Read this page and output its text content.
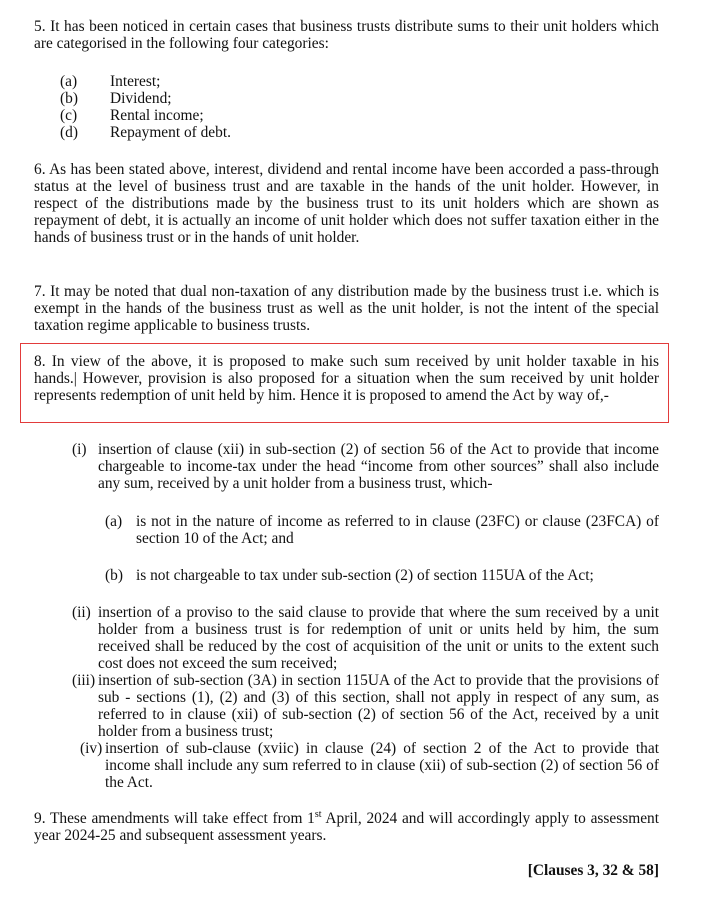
5. It has been noticed in certain cases that business trusts distribute sums to their unit holders which are categorised in the following four categories:

(a)	Interest;
(b)	Dividend;
(c)	Rental income;
(d)	Repayment of debt.

6. As has been stated above, interest, dividend and rental income have been accorded a pass-through status at the level of business trust and are taxable in the hands of the unit holder. However, in respect of the distributions made by the business trust to its unit holders which are shown as repayment of debt, it is actually an income of unit holder which does not suffer taxation either in the hands of business trust or in the hands of unit holder.

7. It may be noted that dual non-taxation of any distribution made by the business trust i.e. which is exempt in the hands of the business trust as well as the unit holder, is not the intent of the special taxation regime applicable to business trusts.

8. In view of the above, it is proposed to make such sum received by unit holder taxable in his hands.| However, provision is also proposed for a situation when the sum received by unit holder represents redemption of unit held by him. Hence it is proposed to amend the Act by way of,-

(i) insertion of clause (xii) in sub-section (2) of section 56 of the Act to provide that income chargeable to income-tax under the head “income from other sources” shall also include any sum, received by a unit holder from a business trust, which-
(a) is not in the nature of income as referred to in clause (23FC) or clause (23FCA) of section 10 of the Act; and
(b) is not chargeable to tax under sub-section (2) of section 115UA of the Act;
(ii) insertion of a proviso to the said clause to provide that where the sum received by a unit holder from a business trust is for redemption of unit or units held by him, the sum received shall be reduced by the cost of acquisition of the unit or units to the extent such cost does not exceed the sum received;
(iii) insertion of sub-section (3A) in section 115UA of the Act to provide that the provisions of sub - sections (1), (2) and (3) of this section, shall not apply in respect of any sum, as referred to in clause (xii) of sub-section (2) of section 56 of the Act, received by a unit holder from a business trust;
(iv) insertion of sub-clause (xviic) in clause (24) of section 2 of the Act to provide that income shall include any sum referred to in clause (xii) of sub-section (2) of section 56 of the Act.

9. These amendments will take effect from 1st April, 2024 and will accordingly apply to assessment year 2024-25 and subsequent assessment years.

[Clauses 3, 32 & 58]
